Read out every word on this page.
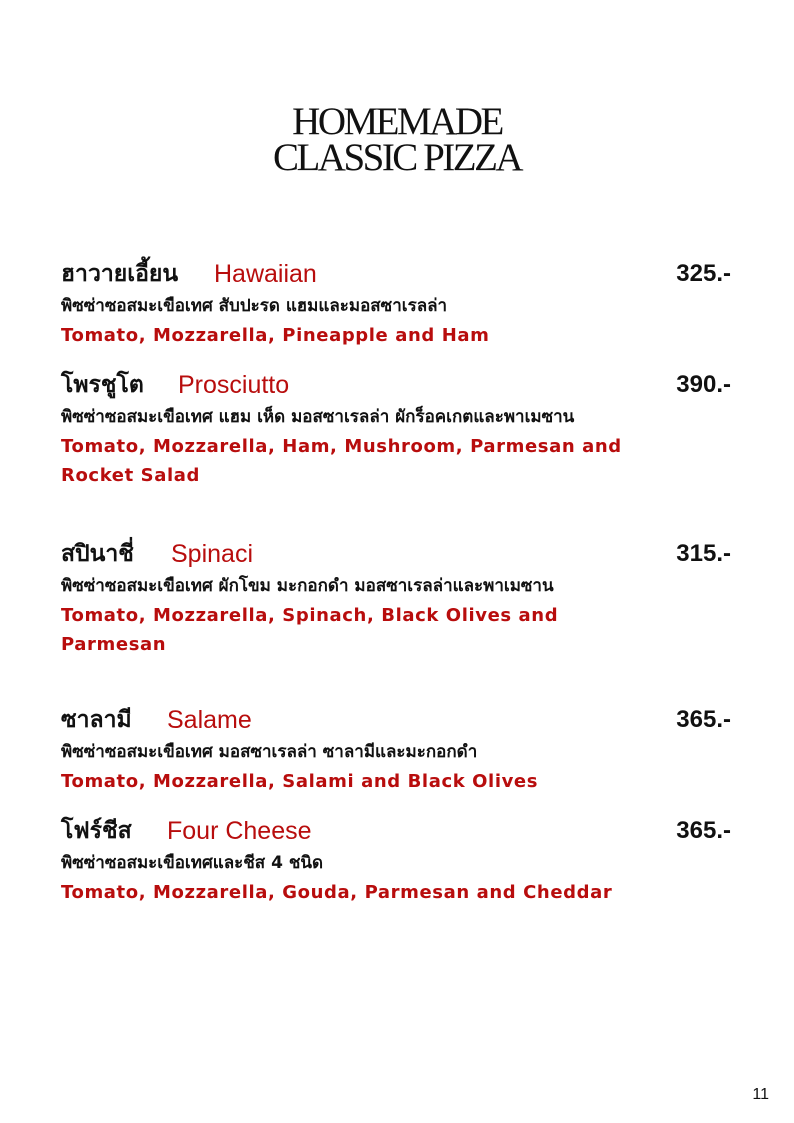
HOMEMADE
CLASSIC PIZZA
ฮาวายเอี้ยน Hawaiian	325.-
พิซซ่าซอสมะเขือเทศ สับปะรด แฮมและมอสซาเรลล่า
Tomato, Mozzarella, Pineapple and Ham
โพรชูโต Prosciutto	390.-
พิซซ่าซอสมะเขือเทศ แฮม เห็ด มอสซาเรลล่า ผักร็อคเกตและพาเมซาน
Tomato, Mozzarella, Ham, Mushroom, Parmesan and Rocket Salad
สปินาชี่ Spinaci	315.-
พิซซ่าซอสมะเขือเทศ ผักโขม มะกอกดำ มอสซาเรลล่าและพาเมซาน
Tomato, Mozzarella, Spinach, Black Olives and Parmesan
ซาลามี Salame	365.-
พิซซ่าซอสมะเขือเทศ มอสซาเรลล่า ซาลามีและมะกอกดำ
Tomato, Mozzarella, Salami and Black Olives
โฟร์ชีส Four Cheese	365.-
พิซซ่าซอสมะเขือเทศและชีส 4 ชนิด
Tomato, Mozzarella, Gouda, Parmesan and Cheddar
11
